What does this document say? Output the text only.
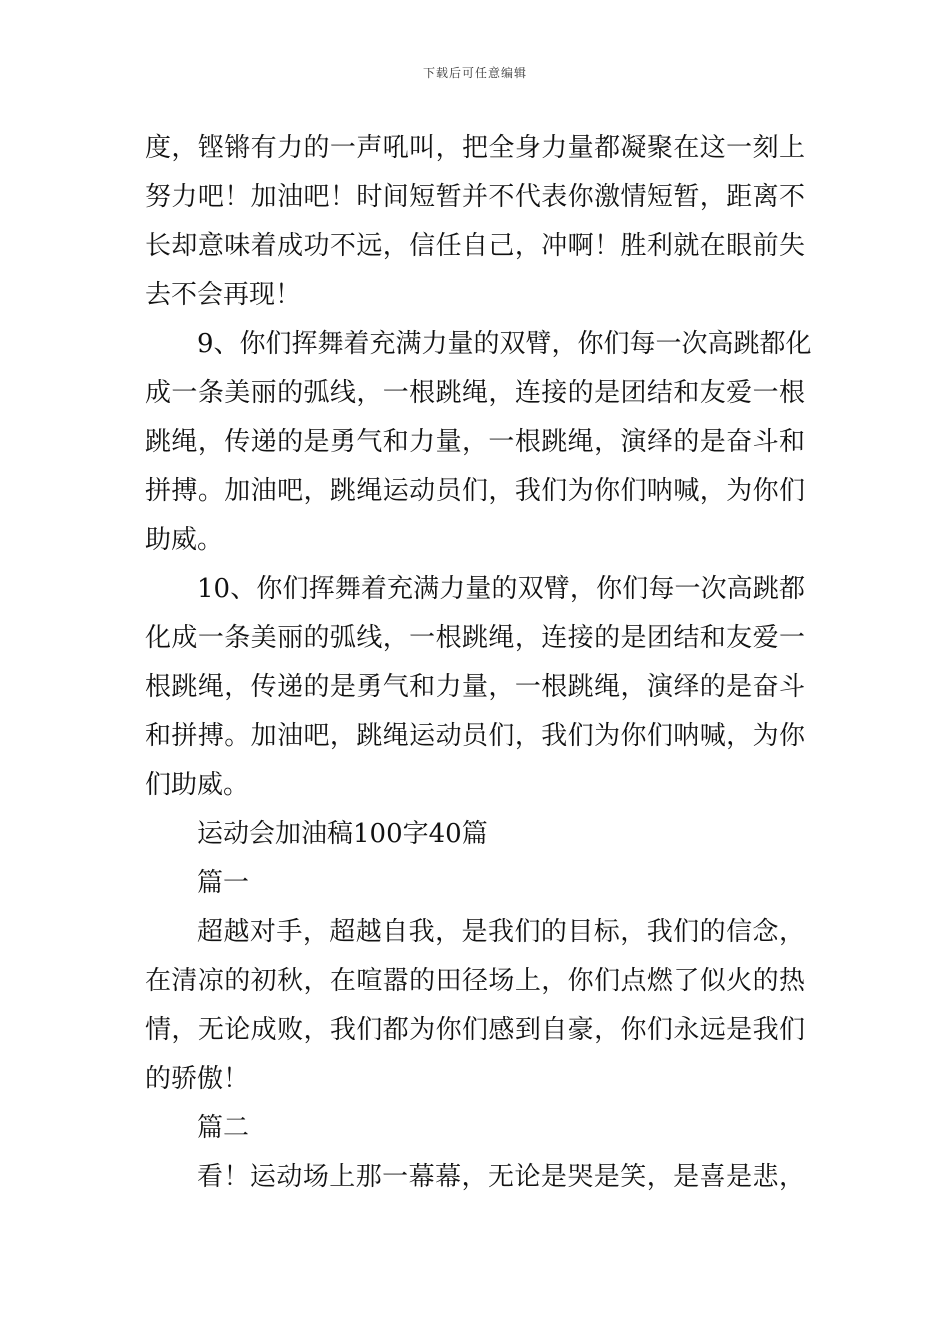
下载后可任意编辑
度，铿锵有力的一声吼叫，把全身力量都凝聚在这一刻上
努力吧！加油吧！时间短暂并不代表你激情短暂，距离不
长却意味着成功不远，信任自己，冲啊！胜利就在眼前失
去不会再现！
9、你们挥舞着充满力量的双臂，你们每一次高跳都化
成一条美丽的弧线，一根跳绳，连接的是团结和友爱一根
跳绳，传递的是勇气和力量，一根跳绳，演绎的是奋斗和
拼搏。加油吧，跳绳运动员们，我们为你们呐喊，为你们
助威。
10、你们挥舞着充满力量的双臂，你们每一次高跳都
化成一条美丽的弧线，一根跳绳，连接的是团结和友爱一
根跳绳，传递的是勇气和力量，一根跳绳，演绎的是奋斗
和拼搏。加油吧，跳绳运动员们，我们为你们呐喊，为你
们助威。
运动会加油稿100字40篇
篇一
超越对手，超越自我，是我们的目标，我们的信念，
在清凉的初秋，在喧嚣的田径场上，你们点燃了似火的热
情，无论成败，我们都为你们感到自豪，你们永远是我们
的骄傲！
篇二
看！运动场上那一幕幕，无论是哭是笑，是喜是悲，
